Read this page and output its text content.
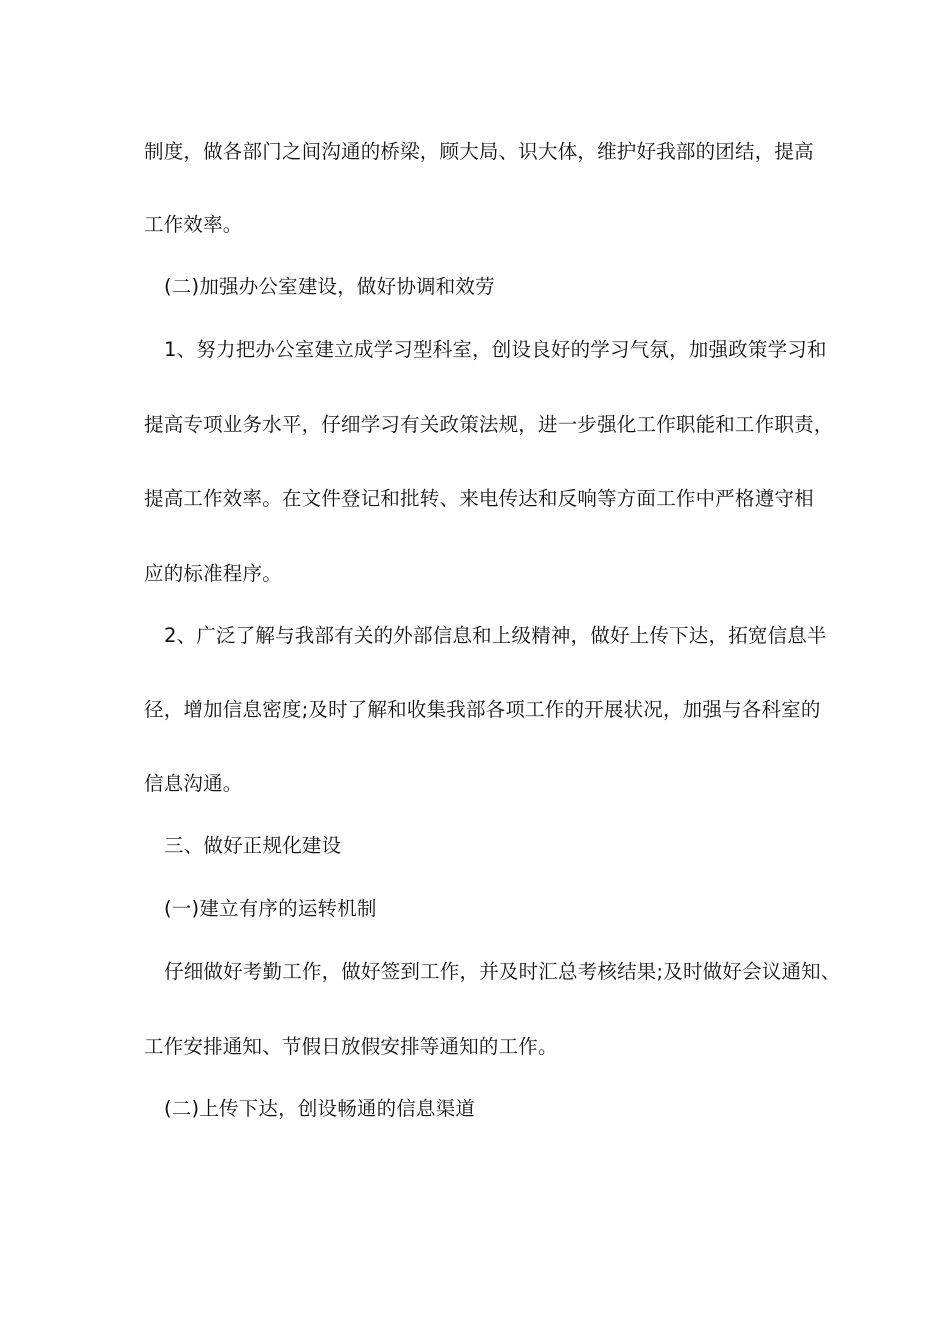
制度，做各部门之间沟通的桥梁，顾大局、识大体，维护好我部的团结，提高
工作效率。
(二)加强办公室建设，做好协调和效劳
1、努力把办公室建立成学习型科室，创设良好的学习气氛，加强政策学习和
提高专项业务水平，仔细学习有关政策法规，进一步强化工作职能和工作职责，
提高工作效率。在文件登记和批转、来电传达和反响等方面工作中严格遵守相
应的标准程序。
2、广泛了解与我部有关的外部信息和上级精神，做好上传下达，拓宽信息半
径，增加信息密度;及时了解和收集我部各项工作的开展状况，加强与各科室的
信息沟通。
三、做好正规化建设
(一)建立有序的运转机制
仔细做好考勤工作，做好签到工作，并及时汇总考核结果;及时做好会议通知、
工作安排通知、节假日放假安排等通知的工作。
(二)上传下达，创设畅通的信息渠道
